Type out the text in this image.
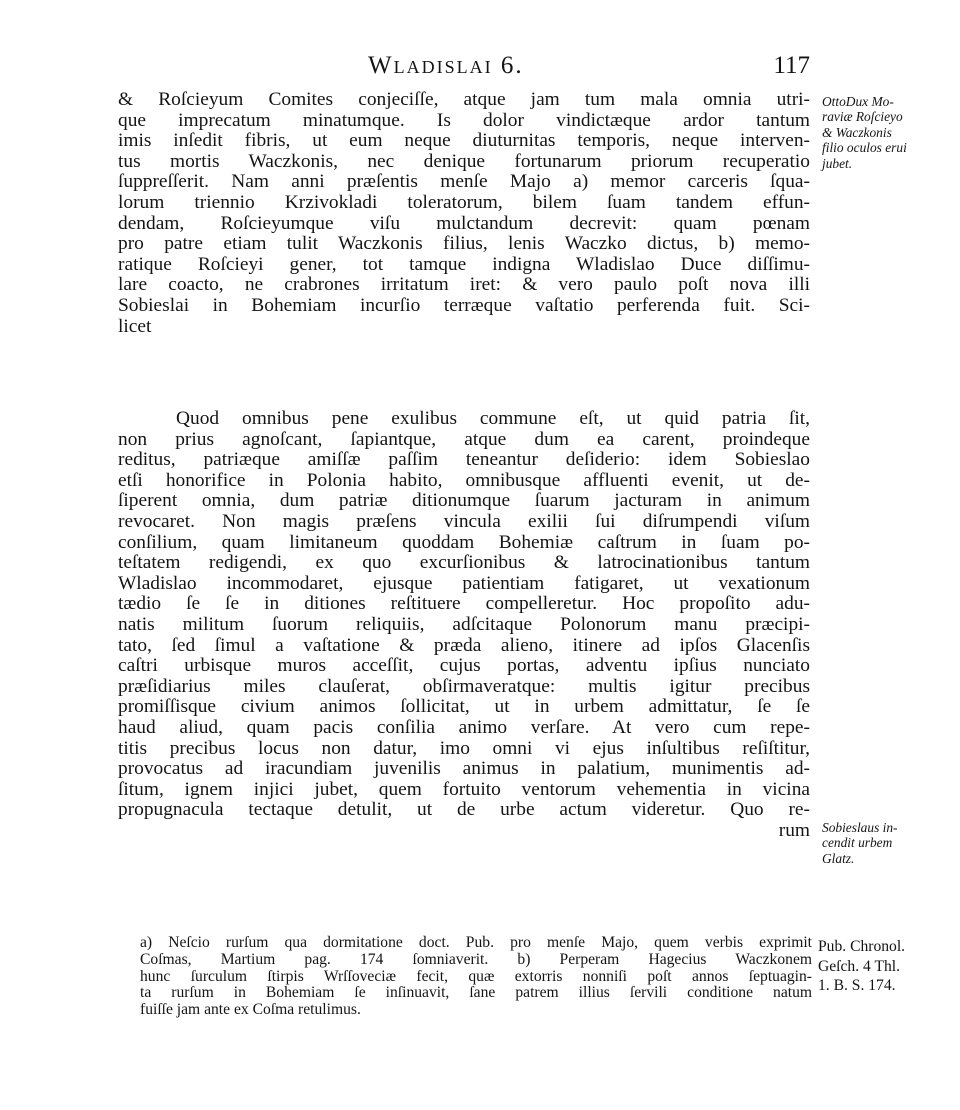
Wladislai 6.	117
& Roſcieyum Comites conjeciſſe, atque jam tum mala omnia utri-
que imprecatum minatumque. Is dolor vindictæque ardor tantum
imis inſedit fibris, ut eum neque diuturnitas temporis, neque interven-
tus mortis Waczkonis, nec denique fortunarum priorum recuperatio
ſuppreſſerit. Nam anni præſentis menſe Majo a) memor carceris ſqua-
lorum triennio Krzivokladi toleratorum, bilem ſuam tandem effun-
dendam, Roſcieyumque viſu mulctandum decrevit: quam pœnam
pro patre etiam tulit Waczkonis filius, lenis Waczko dictus, b) memo-
ratique Roſcieyi gener, tot tamque indigna Wladislao Duce diſſimu-
lare coacto, ne crabrones irritatum iret: & vero paulo poſt nova illi
Sobieslai in Bohemiam incurſio terræque vaſtatio perferenda fuit. Sci-
licet
OttoDux Mo-
raviæ Roſcieyo
& Waczkonis
filio oculos erui
jubet.
Quod omnibus pene exulibus commune eſt, ut quid patria ſit,
non prius agnoſcant, ſapiantque, atque dum ea carent, proindeque
reditus, patriæque amiſſæ paſſim teneantur deſiderio: idem Sobieslao
etſi honorifice in Polonia habito, omnibusque affluenti evenit, ut de-
ſiperent omnia, dum patriæ ditionumque ſuarum jacturam in animum
revocaret. Non magis præſens vincula exilii ſui diſrumpendi viſum
conſilium, quam limitaneum quoddam Bohemiæ caſtrum in ſuam po-
teſtatem redigendi, ex quo excurſionibus & latrocinationibus tantum
Wladislao incommodaret, ejusque patientiam fatigaret, ut vexationum
tædio ſe ſe in ditiones reſtituere compelleretur. Hoc propoſito adu-
natis militum ſuorum reliquiis, adſcitaque Polonorum manu præcipi-
tato, ſed ſimul a vaſtatione & præda alieno, itinere ad ipſos Glacenſis
caſtri urbisque muros acceſſit, cujus portas, adventu ipſius nunciato
præſidiarius miles clauſerat, obſirmaveratque: multis igitur precibus
promiſſisque civium animos ſollicitat, ut in urbem admittatur, ſe ſe
haud aliud, quam pacis conſilia animo verſare. At vero cum repe-
titis precibus locus non datur, imo omni vi ejus inſultibus reſiſtitur,
provocatus ad iracundiam juvenilis animus in palatium, munimentis ad-
ſitum, ignem injici jubet, quem fortuito ventorum vehementia in vicina
propugnacula tectaque detulit, ut de urbe actum videretur. Quo re-
rum Sobieslaus in-
cendit urbem
Glatz.
a) Neſcio rurſum qua dormitatione doct. Pub. pro menſe Majo, quem verbis exprimit
Coſmas, Martium pag. 174 ſomniaverit. b) Perperam Hagecius Waczkonem
hunc ſurculum ſtirpis Wrſſoveciæ fecit, quæ extorris nonniſi poſt annos ſeptuagin-
ta rurſum in Bohemiam ſe inſinuavit, ſane patrem illius ſervili conditione natum
fuiſſe jam ante ex Coſma retulimus.
Pub. Chronol.
Geſch. 4 Thl.
1. B. S. 174.
